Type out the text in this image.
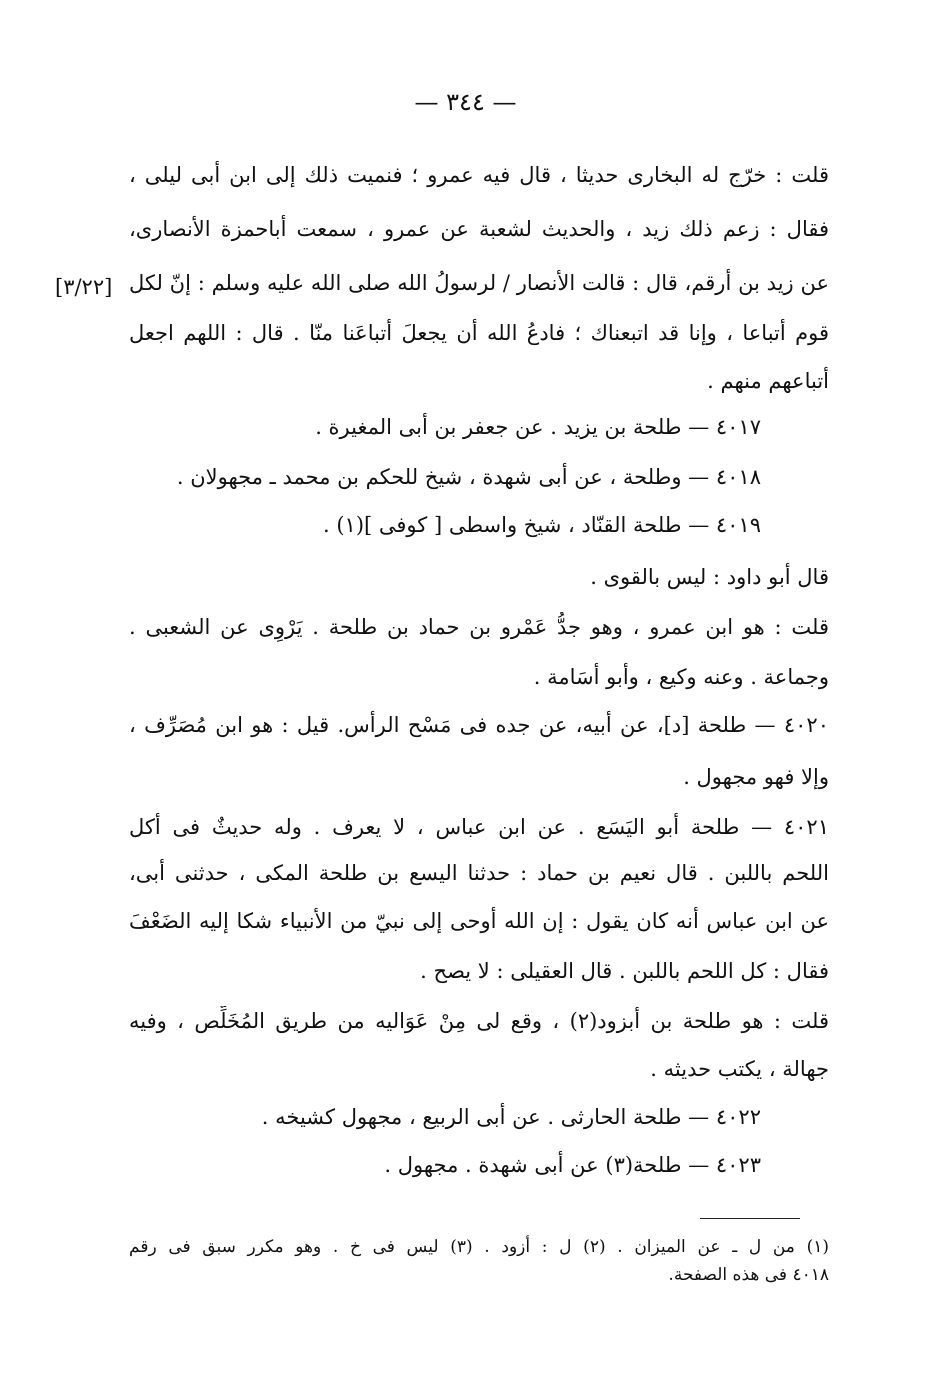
— ٣٤٤ —
[٣/٢٢]
قلت : خرّج له البخارى حديثا ، قال فيه عمرو ؛ فنميت ذلك إلى ابن أبى ليلى ،
فقال : زعم ذلك زيد ، والحديث لشعبة عن عمرو ، سمعت أباحمزة الأنصارى،
عن زيد بن أرقم، قال : قالت الأنصار / لرسولُ الله صلى الله عليه وسلم : إنّ لكل
قوم أتباعا ، وإنا قد اتبعناك ؛ فادعُ الله أن يجعلَ أتباعَنا منّا . قال : اللهم اجعل
أتباعهم منهم .
٤٠١٧ — طلحة بن يزيد . عن جعفر بن أبى المغيرة .
٤٠١٨ — وطلحة ، عن أبى شهدة ، شيخ للحكم بن محمد ـ مجهولان .
٤٠١٩ — طلحة القنّاد ، شيخ واسطى [ كوفى ](١) .
قال أبو داود : ليس بالقوى .
قلت : هو ابن عمرو ، وهو جدُّ عَمْرو بن حماد بن طلحة . يَرْوِى عن الشعبى .
وجماعة . وعنه وكيع ، وأبو أسَامة .
٤٠٢٠ — طلحة [د]، عن أبيه، عن جده فى مَسْح الرأس. قيل : هو ابن مُصَرِّف ،
وإلا فهو مجهول .
٤٠٢١ — طلحة أبو اليَسَع . عن ابن عباس ، لا يعرف . وله حديثٌ فى أكل
اللحم باللبن . قال نعيم بن حماد : حدثنا اليسع بن طلحة المكى ، حدثنى أبى،
عن ابن عباس أنه كان يقول : إن الله أوحى إلى نبيّ من الأنبياء شكا إليه الضَعْفَ
فقال : كل اللحم باللبن . قال العقيلى : لا يصح .
قلت : هو طلحة بن أبزود(٢) ، وقع لى مِنْ عَوَاليه من طريق المُخَلِّص ، وفيه
جهالة ، يكتب حديثه .
٤٠٢٢ — طلحة الحارثى . عن أبى الربيع ، مجهول كشيخه .
٤٠٢٣ — طلحة(٣) عن أبى شهدة . مجهول .
(١) من ل ـ عن الميزان . (٢) ل : أزود . (٣) ليس فى خ . وهو مكرر سبق فى رقم
٤٠١٨ فى هذه الصفحة.
